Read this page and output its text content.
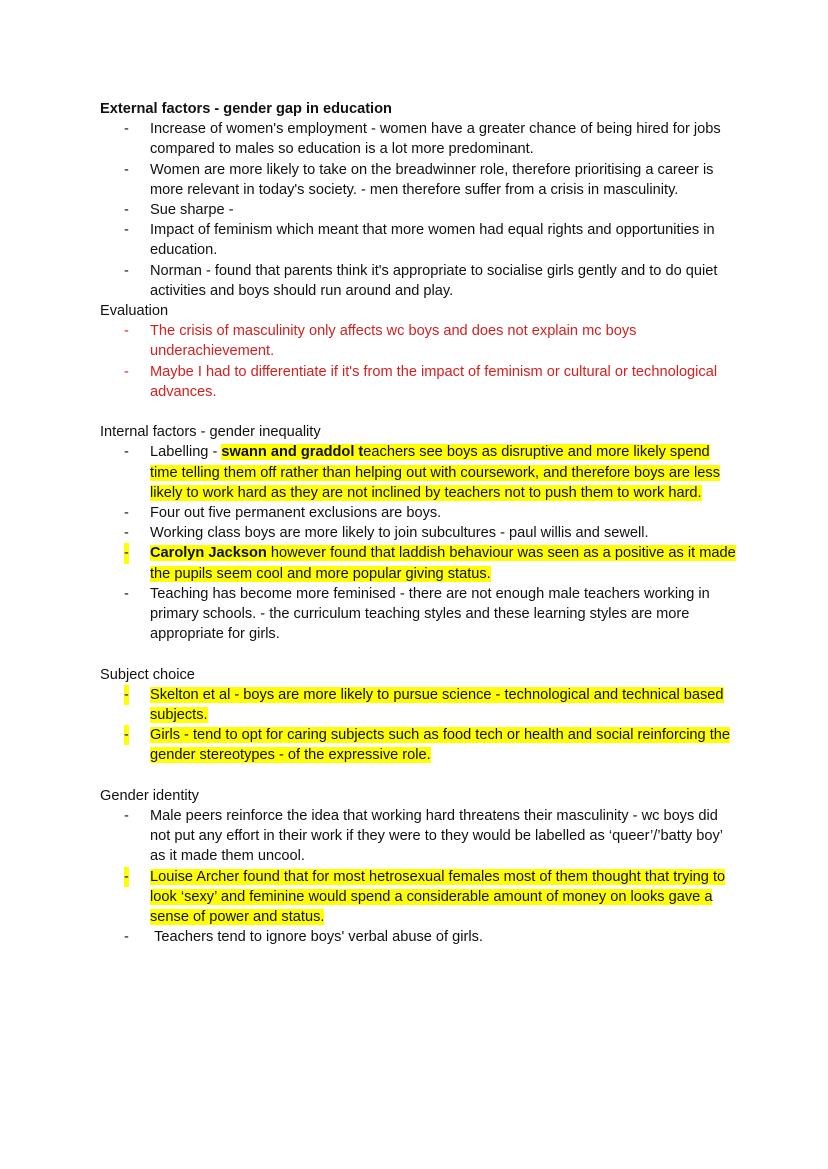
External factors - gender gap in education

- Increase of women's employment - women have a greater chance of being hired for jobs compared to males so education is a lot more predominant.
- Women are more likely to take on the breadwinner role, therefore prioritising a career is more relevant in today's society. - men therefore suffer from a crisis in masculinity.
- Sue sharpe -
- Impact of feminism which meant that more women had equal rights and opportunities in education.
- Norman - found that parents think it's appropriate to socialise girls gently and to do quiet activities and boys should run around and play.

Evaluation

- The crisis of masculinity only affects wc boys and does not explain mc boys underachievement.
- Maybe I had to differentiate if it's from the impact of feminism or cultural or technological advances.

Internal factors - gender inequality

- Labelling - swann and graddol teachers see boys as disruptive and more likely spend time telling them off rather than helping out with coursework, and therefore boys are less likely to work hard as they are not inclined by teachers not to push them to work hard.
- Four out five permanent exclusions are boys.
- Working class boys are more likely to join subcultures - paul willis and sewell.
- Carolyn Jackson however found that laddish behaviour was seen as a positive as it made the pupils seem cool and more popular giving status.
- Teaching has become more feminised - there are not enough male teachers working in primary schools. - the curriculum teaching styles and these learning styles are more appropriate for girls.

Subject choice

- Skelton et al - boys are more likely to pursue science - technological and technical based subjects.
- Girls - tend to opt for caring subjects such as food tech or health and social reinforcing the gender stereotypes - of the expressive role.

Gender identity

- Male peers reinforce the idea that working hard threatens their masculinity - wc boys did not put any effort in their work if they were to they would be labelled as ‘queer’/’batty boy’ as it made them uncool.
- Louise Archer found that for most hetrosexual females most of them thought that trying to look ‘sexy’ and feminine would spend a considerable amount of money on looks gave a sense of power and status.
- Teachers tend to ignore boys' verbal abuse of girls.
